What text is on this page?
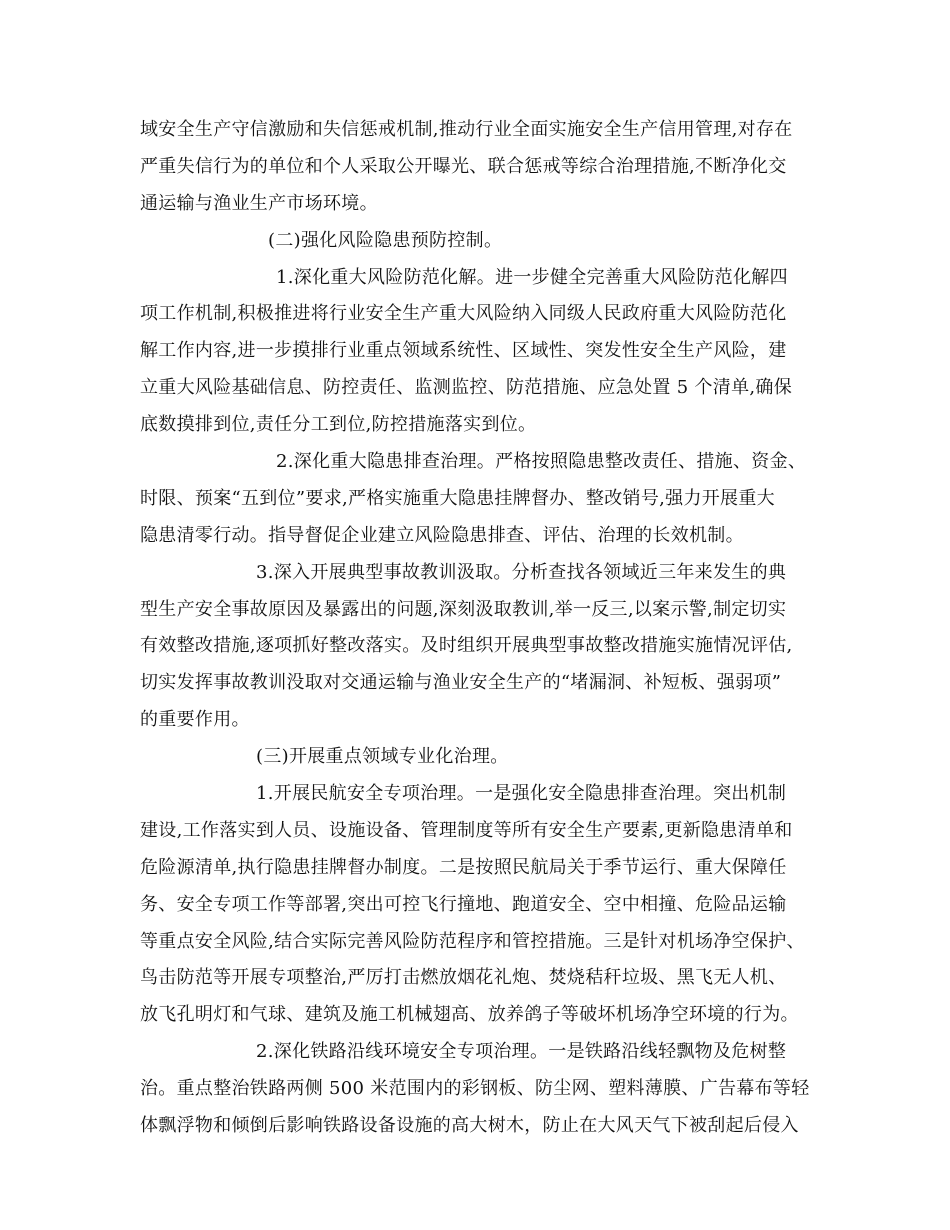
域安全生产守信激励和失信惩戒机制,推动行业全面实施安全生产信用管理,对存在
严重失信行为的单位和个人采取公开曝光、联合惩戒等综合治理措施,不断净化交
通运输与渔业生产市场环境。
(二)强化风险隐患预防控制。
1.深化重大风险防范化解。进一步健全完善重大风险防范化解四
项工作机制,积极推进将行业安全生产重大风险纳入同级人民政府重大风险防范化
解工作内容,进一步摸排行业重点领域系统性、区域性、突发性安全生产风险，建
立重大风险基础信息、防控责任、监测监控、防范措施、应急处置 5 个清单,确保
底数摸排到位,责任分工到位,防控措施落实到位。
2.深化重大隐患排查治理。严格按照隐患整改责任、措施、资金、
时限、预案“五到位”要求,严格实施重大隐患挂牌督办、整改销号,强力开展重大
隐患清零行动。指导督促企业建立风险隐患排查、评估、治理的长效机制。
3.深入开展典型事故教训汲取。分析查找各领域近三年来发生的典
型生产安全事故原因及暴露出的问题,深刻汲取教训,举一反三,以案示警,制定切实
有效整改措施,逐项抓好整改落实。及时组织开展典型事故整改措施实施情况评估,
切实发挥事故教训没取对交通运输与渔业安全生产的“堵漏洞、补短板、强弱项”
的重要作用。
(三)开展重点领域专业化治理。
1.开展民航安全专项治理。一是强化安全隐患排查治理。突出机制
建设,工作落实到人员、设施设备、管理制度等所有安全生产要素,更新隐患清单和
危险源清单,执行隐患挂牌督办制度。二是按照民航局关于季节运行、重大保障任
务、安全专项工作等部署,突出可控飞行撞地、跑道安全、空中相撞、危险品运输
等重点安全风险,结合实际完善风险防范程序和管控措施。三是针对机场净空保护、
鸟击防范等开展专项整治,严厉打击燃放烟花礼炮、焚烧秸秆垃圾、黑飞无人机、
放飞孔明灯和气球、建筑及施工机械翅高、放养鸽子等破坏机场净空环境的行为。
2.深化铁路沿线环境安全专项治理。一是铁路沿线轻飘物及危树整
治。重点整治铁路两侧 500 米范围内的彩钢板、防尘网、塑料薄膜、广告幕布等轻
体飘浮物和倾倒后影响铁路设备设施的高大树木，防止在大风天气下被刮起后侵入
